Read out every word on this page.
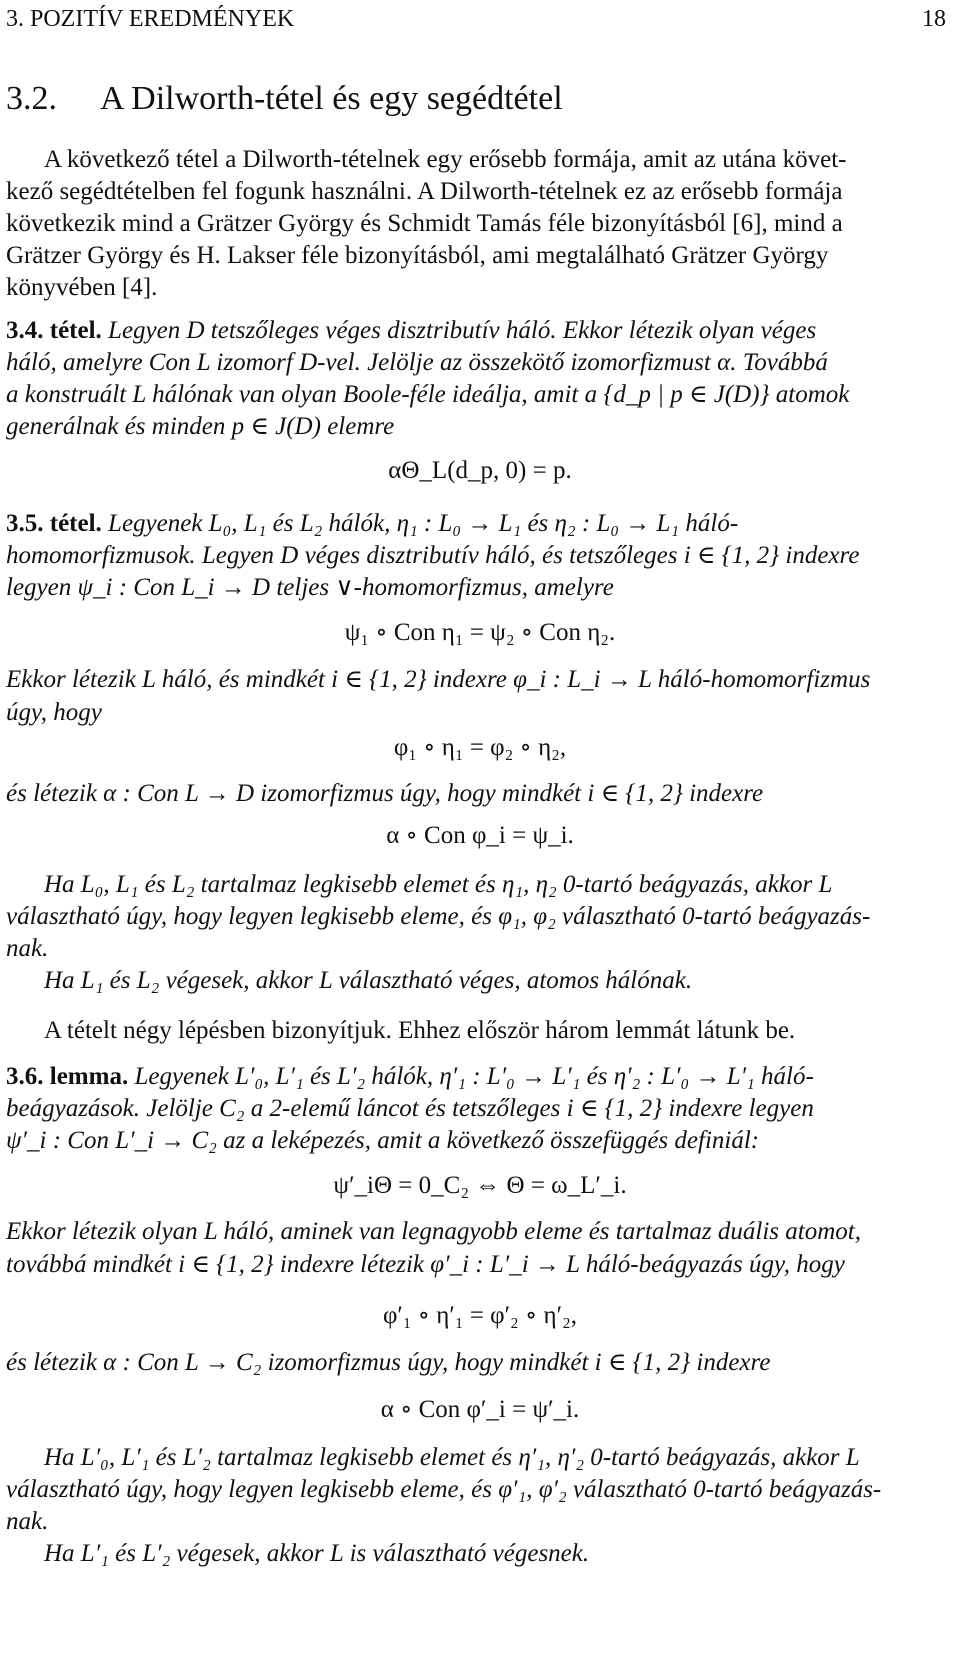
3. POZITÍV EREDMÉNYEK	18
3.2. A Dilworth-tétel és egy segédtétel
A következő tétel a Dilworth-tételnek egy erősebb formája, amit az utána követ-
kező segédtételben fel fogunk használni. A Dilworth-tételnek ez az erősebb formája
következik mind a Grätzer György és Schmidt Tamás féle bizonyításból [6], mind a
Grätzer György és H. Lakser féle bizonyításból, ami megtalálható Grätzer György
könyvében [4].
3.4. tétel. Legyen D tetszőleges véges disztributív háló. Ekkor létezik olyan véges
háló, amelyre Con L izomorf D-vel. Jelölje az összekötő izomorfizmust α. Továbbá
a konstruált L hálónak van olyan Boole-féle ideálja, amit a {d_p | p ∈ J(D)} atomok
generálnak és minden p ∈ J(D) elemre
αΘ_L(d_p, 0) = p.
3.5. tétel. Legyenek L₀, L₁ és L₂ hálók, η₁ : L₀ → L₁ és η₂ : L₀ → L₁ háló-
homomorfizmusok. Legyen D véges disztributív háló, és tetszőleges i ∈ {1, 2} indexre
legyen ψ_i : Con L_i → D teljes ∨-homomorfizmus, amelyre
ψ₁ ∘ Con η₁ = ψ₂ ∘ Con η₂.
Ekkor létezik L háló, és mindkét i ∈ {1, 2} indexre φ_i : L_i → L háló-homomorfizmus
úgy, hogy
φ₁ ∘ η₁ = φ₂ ∘ η₂,
és létezik α : Con L → D izomorfizmus úgy, hogy mindkét i ∈ {1, 2} indexre
α ∘ Con φ_i = ψ_i.
Ha L₀, L₁ és L₂ tartalmaz legkisebb elemet és η₁, η₂ 0-tartó beágyazás, akkor L
választható úgy, hogy legyen legkisebb eleme, és φ₁, φ₂ választható 0-tartó beágyazás-
nak.
Ha L₁ és L₂ végesek, akkor L választható véges, atomos hálónak.
A tételt négy lépésben bizonyítjuk. Ehhez először három lemmát látunk be.
3.6. lemma. Legyenek L′₀, L′₁ és L′₂ hálók, η′₁ : L′₀ → L′₁ és η′₂ : L′₀ → L′₁ háló-
beágyazások. Jelölje C₂ a 2-elemű láncot és tetszőleges i ∈ {1, 2} indexre legyen
ψ′_i : Con L′_i → C₂ az a leképezés, amit a következő összefüggés definiál:
ψ′_iΘ = 0_C₂ ⇔ Θ = ω_L′_i.
Ekkor létezik olyan L háló, aminek van legnagyobb eleme és tartalmaz duális atomot,
továbbá mindkét i ∈ {1, 2} indexre létezik φ′_i : L′_i → L háló-beágyazás úgy, hogy
φ′₁ ∘ η′₁ = φ′₂ ∘ η′₂,
és létezik α : Con L → C₂ izomorfizmus úgy, hogy mindkét i ∈ {1, 2} indexre
α ∘ Con φ′_i = ψ′_i.
Ha L′₀, L′₁ és L′₂ tartalmaz legkisebb elemet és η′₁, η′₂ 0-tartó beágyazás, akkor L
választható úgy, hogy legyen legkisebb eleme, és φ′₁, φ′₂ választható 0-tartó beágyazás-
nak.
Ha L′₁ és L′₂ végesek, akkor L is választható végesnek.
